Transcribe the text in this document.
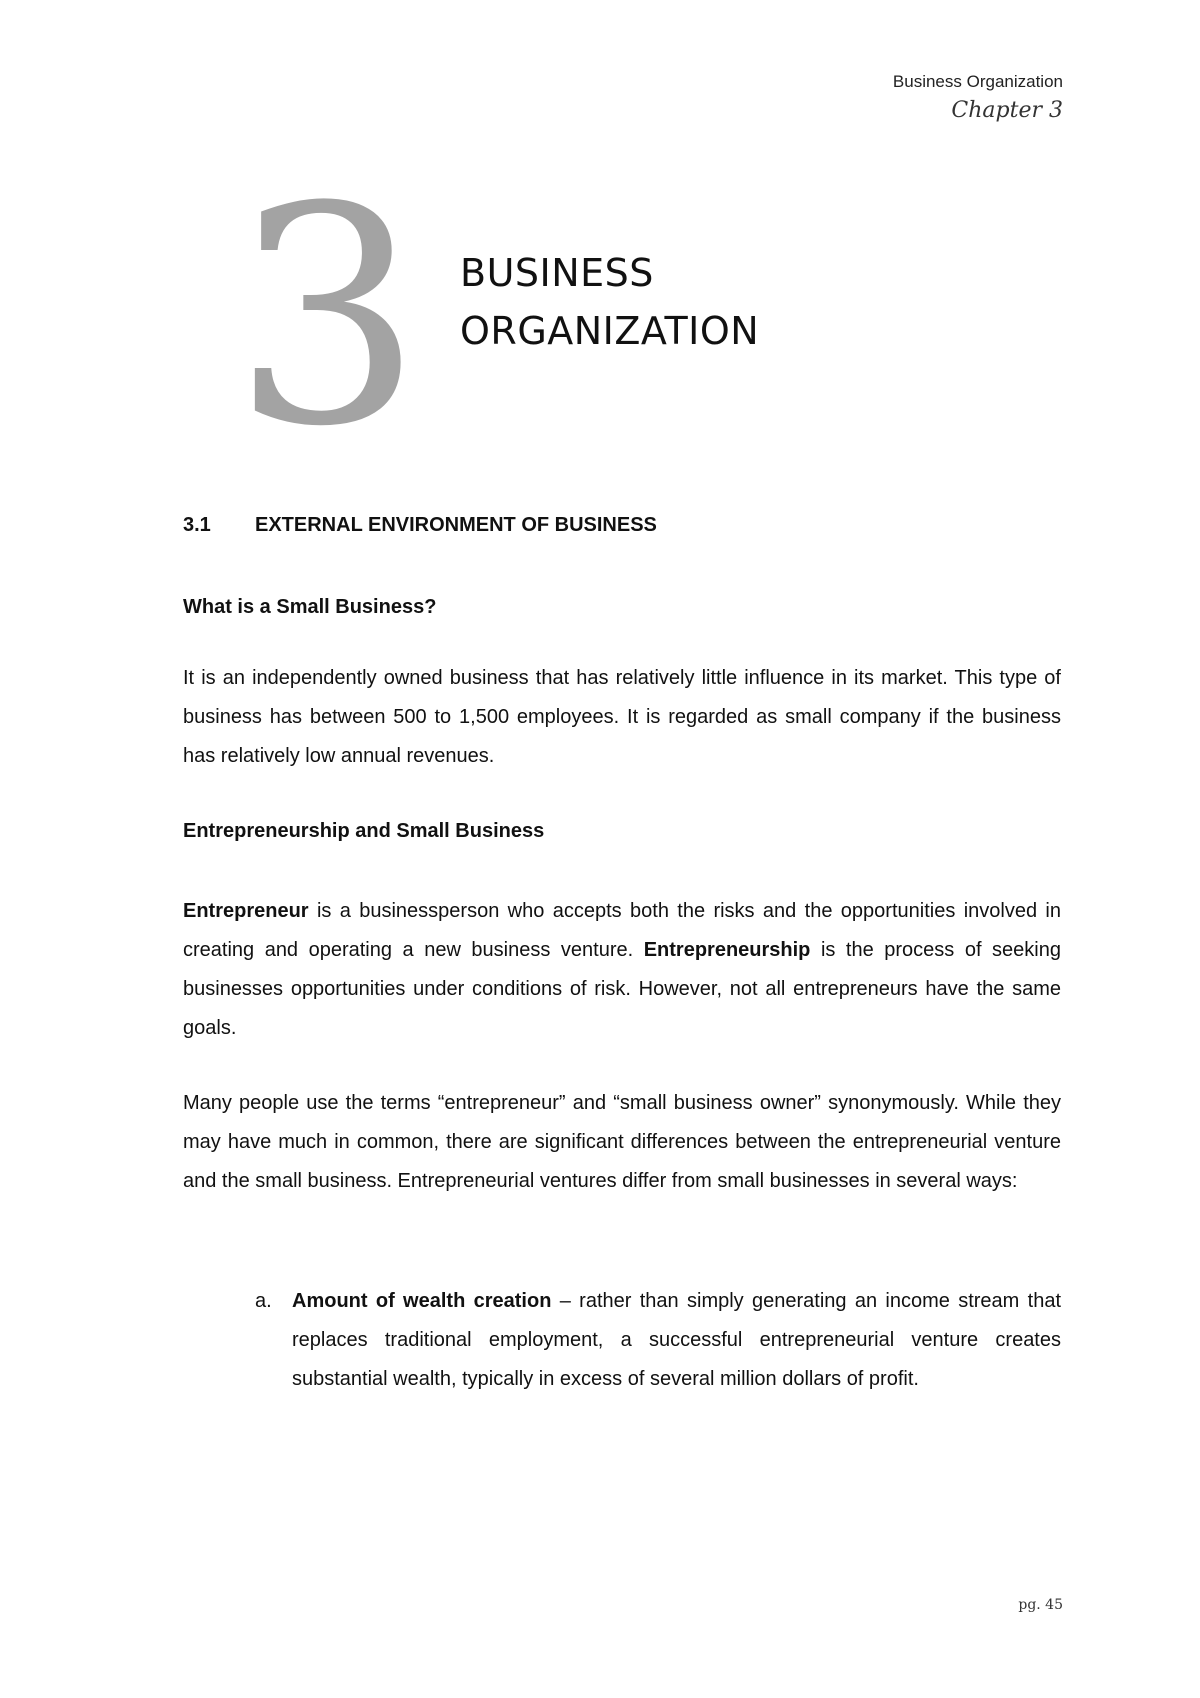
Business Organization
Chapter 3
3 BUSINESS
ORGANIZATION
3.1 EXTERNAL ENVIRONMENT OF BUSINESS
What is a Small Business?
It is an independently owned business that has relatively little influence in its market. This type of business has between 500 to 1,500 employees. It is regarded as small company if the business has relatively low annual revenues.
Entrepreneurship and Small Business
Entrepreneur is a businessperson who accepts both the risks and the opportunities involved in creating and operating a new business venture. Entrepreneurship is the process of seeking businesses opportunities under conditions of risk. However, not all entrepreneurs have the same goals.
Many people use the terms “entrepreneur” and “small business owner” synonymously. While they may have much in common, there are significant differences between the entrepreneurial venture and the small business. Entrepreneurial ventures differ from small businesses in several ways:
a. Amount of wealth creation – rather than simply generating an income stream that replaces traditional employment, a successful entrepreneurial venture creates substantial wealth, typically in excess of several million dollars of profit.
pg. 45
